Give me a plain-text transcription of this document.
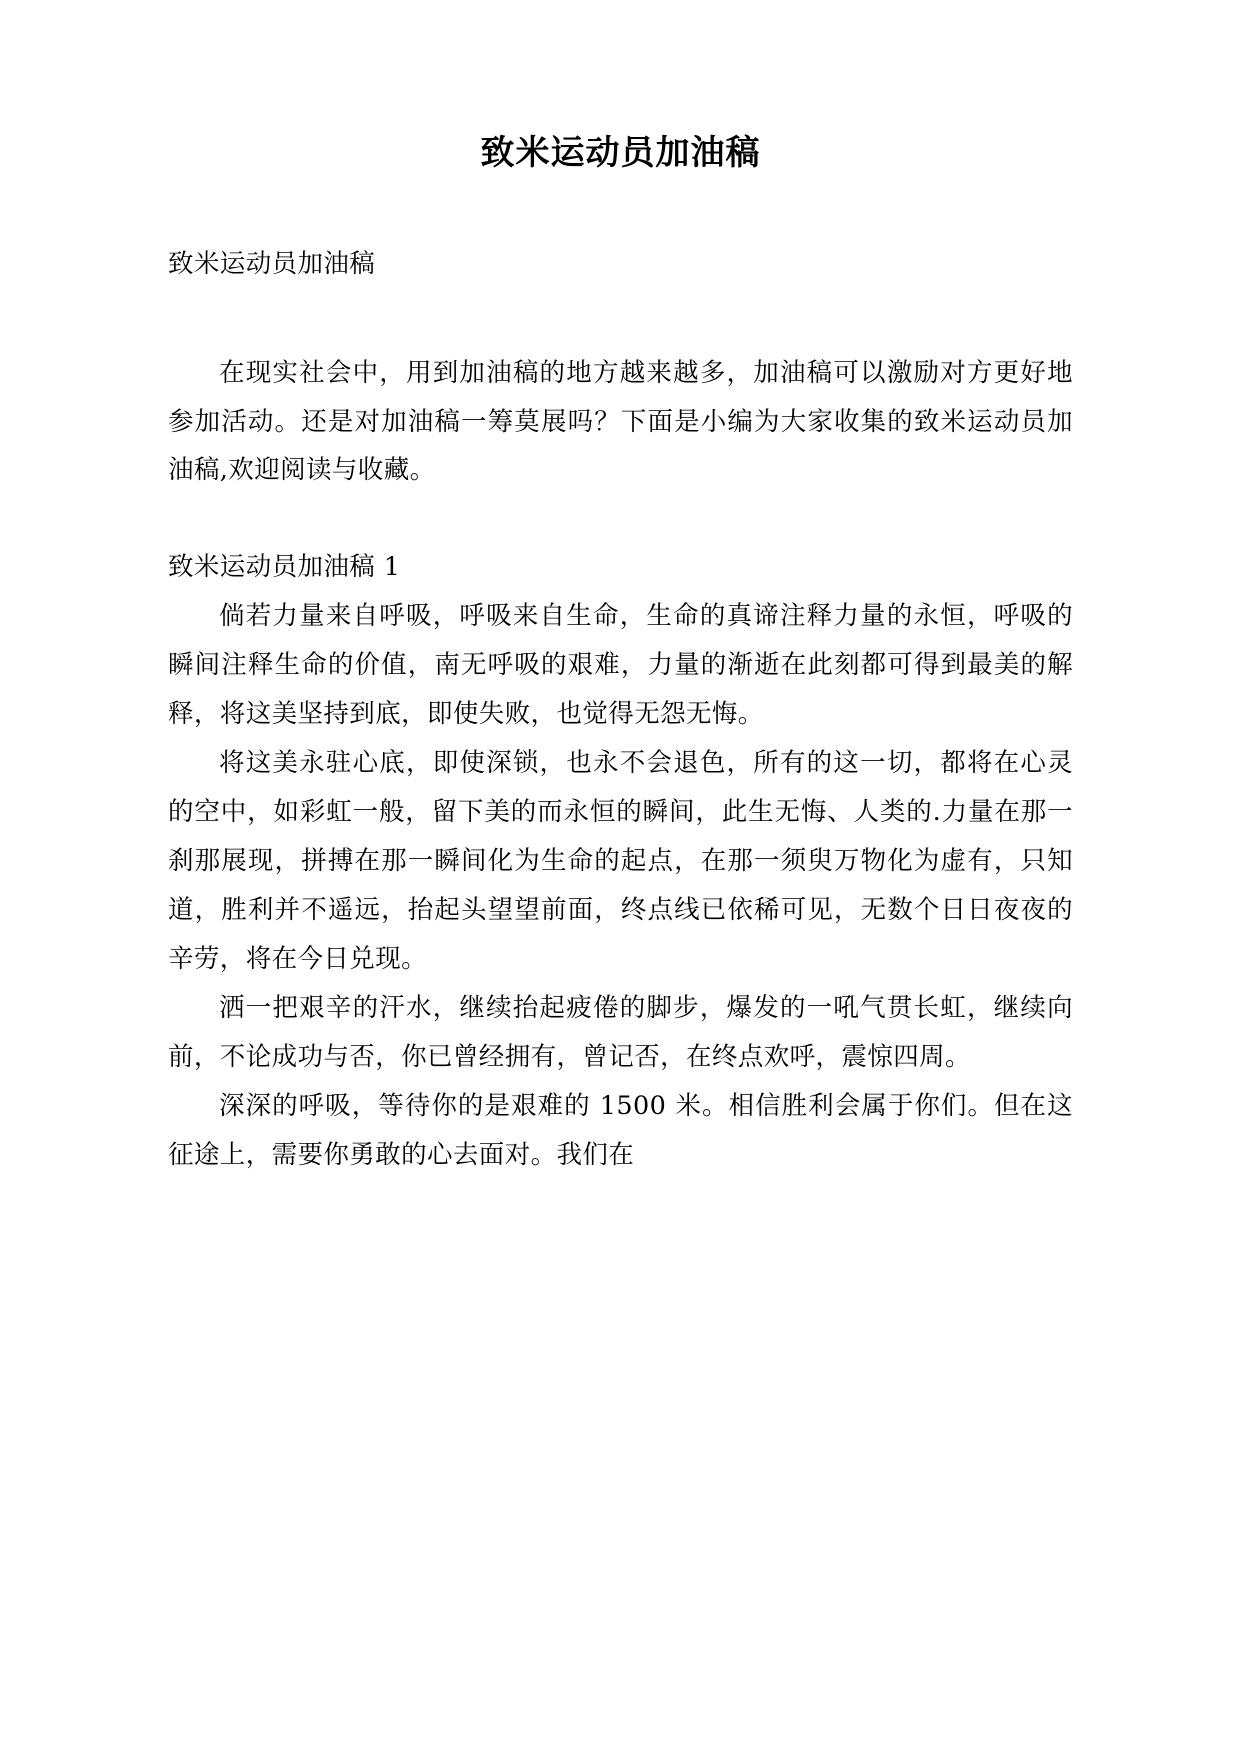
致米运动员加油稿

致米运动员加油稿

在现实社会中，用到加油稿的地方越来越多，加油稿可以激励对方更好地参加活动。还是对加油稿一筹莫展吗？下面是小编为大家收集的致米运动员加油稿,欢迎阅读与收藏。

致米运动员加油稿 1

倘若力量来自呼吸，呼吸来自生命，生命的真谛注释力量的永恒，呼吸的瞬间注释生命的价值，南无呼吸的艰难，力量的渐逝在此刻都可得到最美的解释，将这美坚持到底，即使失败，也觉得无怨无悔。

将这美永驻心底，即使深锁，也永不会退色，所有的这一切，都将在心灵的空中，如彩虹一般，留下美的而永恒的瞬间，此生无悔、人类的.力量在那一刹那展现，拼搏在那一瞬间化为生命的起点，在那一须臾万物化为虚有，只知道，胜利并不遥远，抬起头望望前面，终点线已依稀可见，无数个日日夜夜的辛劳，将在今日兑现。

洒一把艰辛的汗水，继续抬起疲倦的脚步，爆发的一吼气贯长虹，继续向前，不论成功与否，你已曾经拥有，曾记否，在终点欢呼，震惊四周。

深深的呼吸，等待你的是艰难的 1500 米。相信胜利会属于你们。但在这征途上，需要你勇敢的心去面对。我们在
